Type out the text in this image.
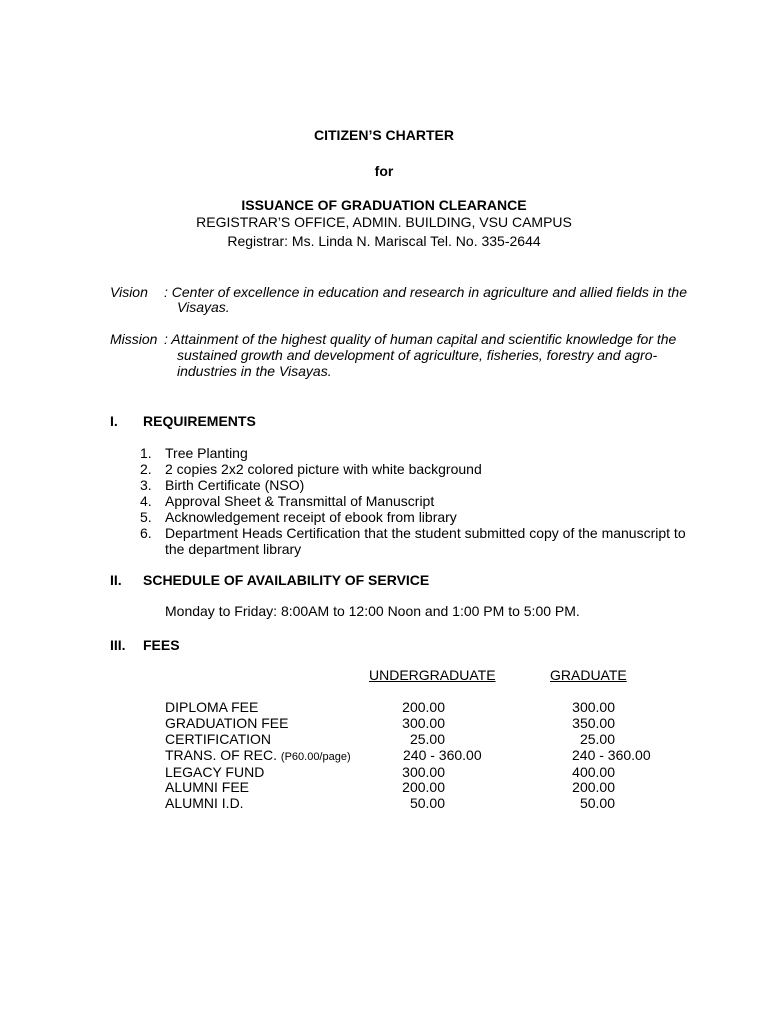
CITIZEN’S CHARTER
for
ISSUANCE OF GRADUATION CLEARANCE
REGISTRAR’S OFFICE, ADMIN. BUILDING, VSU CAMPUS
Registrar: Ms. Linda N. Mariscal Tel. No. 335-2644
Vision : Center of excellence in education and research in agriculture and allied fields in the
Visayas.
Mission : Attainment of the highest quality of human capital and scientific knowledge for the
sustained growth and development of agriculture, fisheries, forestry and agro-
industries in the Visayas.
I. REQUIREMENTS
1. Tree Planting
2. 2 copies 2x2 colored picture with white background
3. Birth Certificate (NSO)
4. Approval Sheet & Transmittal of Manuscript
5. Acknowledgement receipt of ebook from library
6. Department Heads Certification that the student submitted copy of the manuscript to
the department library
II. SCHEDULE OF AVAILABILITY OF SERVICE
Monday to Friday: 8:00AM to 12:00 Noon and 1:00 PM to 5:00 PM.
III. FEES
UNDERGRADUATE	GRADUATE
DIPLOMA FEE	200.00	300.00
GRADUATION FEE	300.00	350.00
CERTIFICATION	25.00	25.00
TRANS. OF REC. (P60.00/page)	240 - 360.00	240 - 360.00
LEGACY FUND	300.00	400.00
ALUMNI FEE	200.00	200.00
ALUMNI I.D.	50.00	50.00
